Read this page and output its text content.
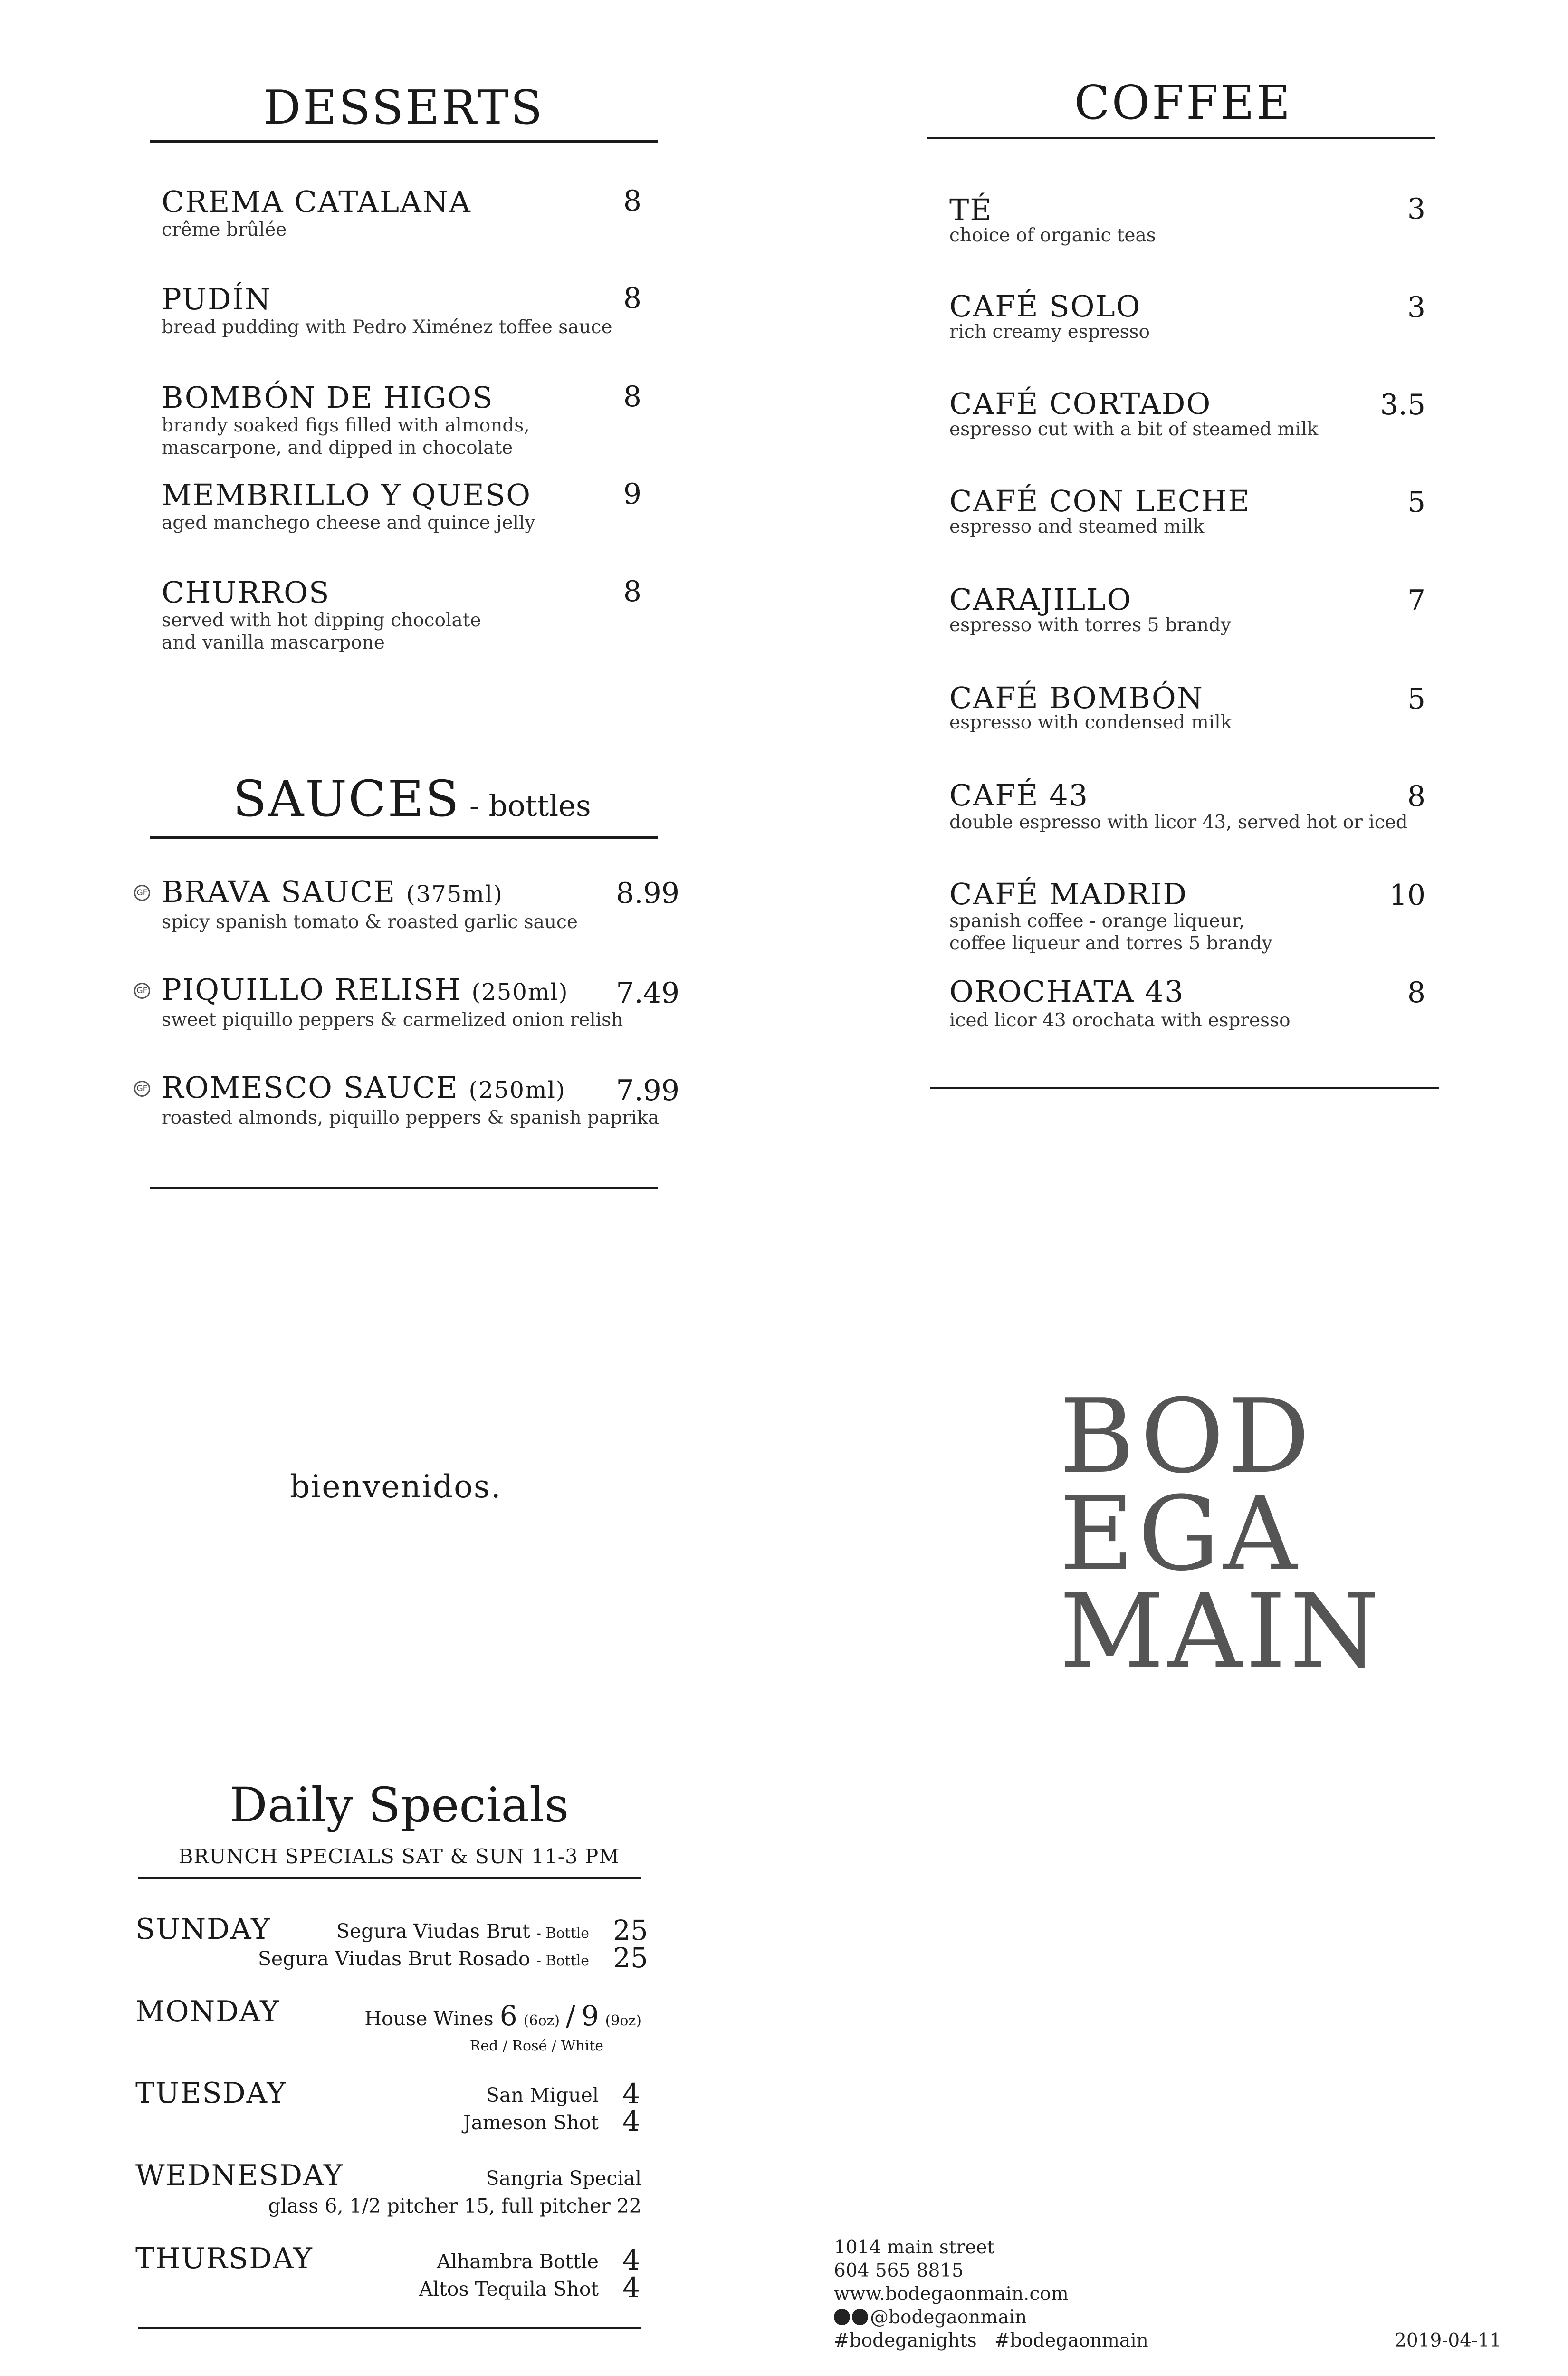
DESSERTS
CREMA CATALANA	8
crême brûlée
PUDÍN	8
bread pudding with Pedro Ximénez toffee sauce
BOMBÓN DE HIGOS	8
brandy soaked figs filled with almonds,
mascarpone, and dipped in chocolate
MEMBRILLO Y QUESO	9
aged manchego cheese and quince jelly
CHURROS	8
served with hot dipping chocolate
and vanilla mascarpone
SAUCES - bottles
GF BRAVA SAUCE (375ml)	8.99
spicy spanish tomato & roasted garlic sauce
GF PIQUILLO RELISH (250ml)	7.49
sweet piquillo peppers & carmelized onion relish
GF ROMESCO SAUCE (250ml)	7.99
roasted almonds, piquillo peppers & spanish paprika
COFFEE
TÉ	3
choice of organic teas
CAFÉ SOLO	3
rich creamy espresso
CAFÉ CORTADO	3.5
espresso cut with a bit of steamed milk
CAFÉ CON LECHE	5
espresso and steamed milk
CARAJILLO	7
espresso with torres 5 brandy
CAFÉ BOMBÓN	5
espresso with condensed milk
CAFÉ 43	8
double espresso with licor 43, served hot or iced
CAFÉ MADRID	10
spanish coffee - orange liqueur,
coffee liqueur and torres 5 brandy
OROCHATA 43	8
iced licor 43 orochata with espresso
bienvenidos.	BOD
EGA
MAIN
Daily Specials
BRUNCH SPECIALS SAT & SUN 11-3 PM
SUNDAY	Segura Viudas Brut - Bottle 25
Segura Viudas Brut Rosado - Bottle 25
MONDAY	House Wines 6 (6oz) / 9 (9oz)
Red / Rosé / White
TUESDAY	San Miguel 4
Jameson Shot 4
WEDNESDAY	Sangria Special
glass 6, 1/2 pitcher 15, full pitcher 22
THURSDAY	Alhambra Bottle 4
Altos Tequila Shot 4
1014 main street
604 565 8815
www.bodegaonmain.com
@bodegaonmain
#bodeganights   #bodegaonmain	2019-04-11
